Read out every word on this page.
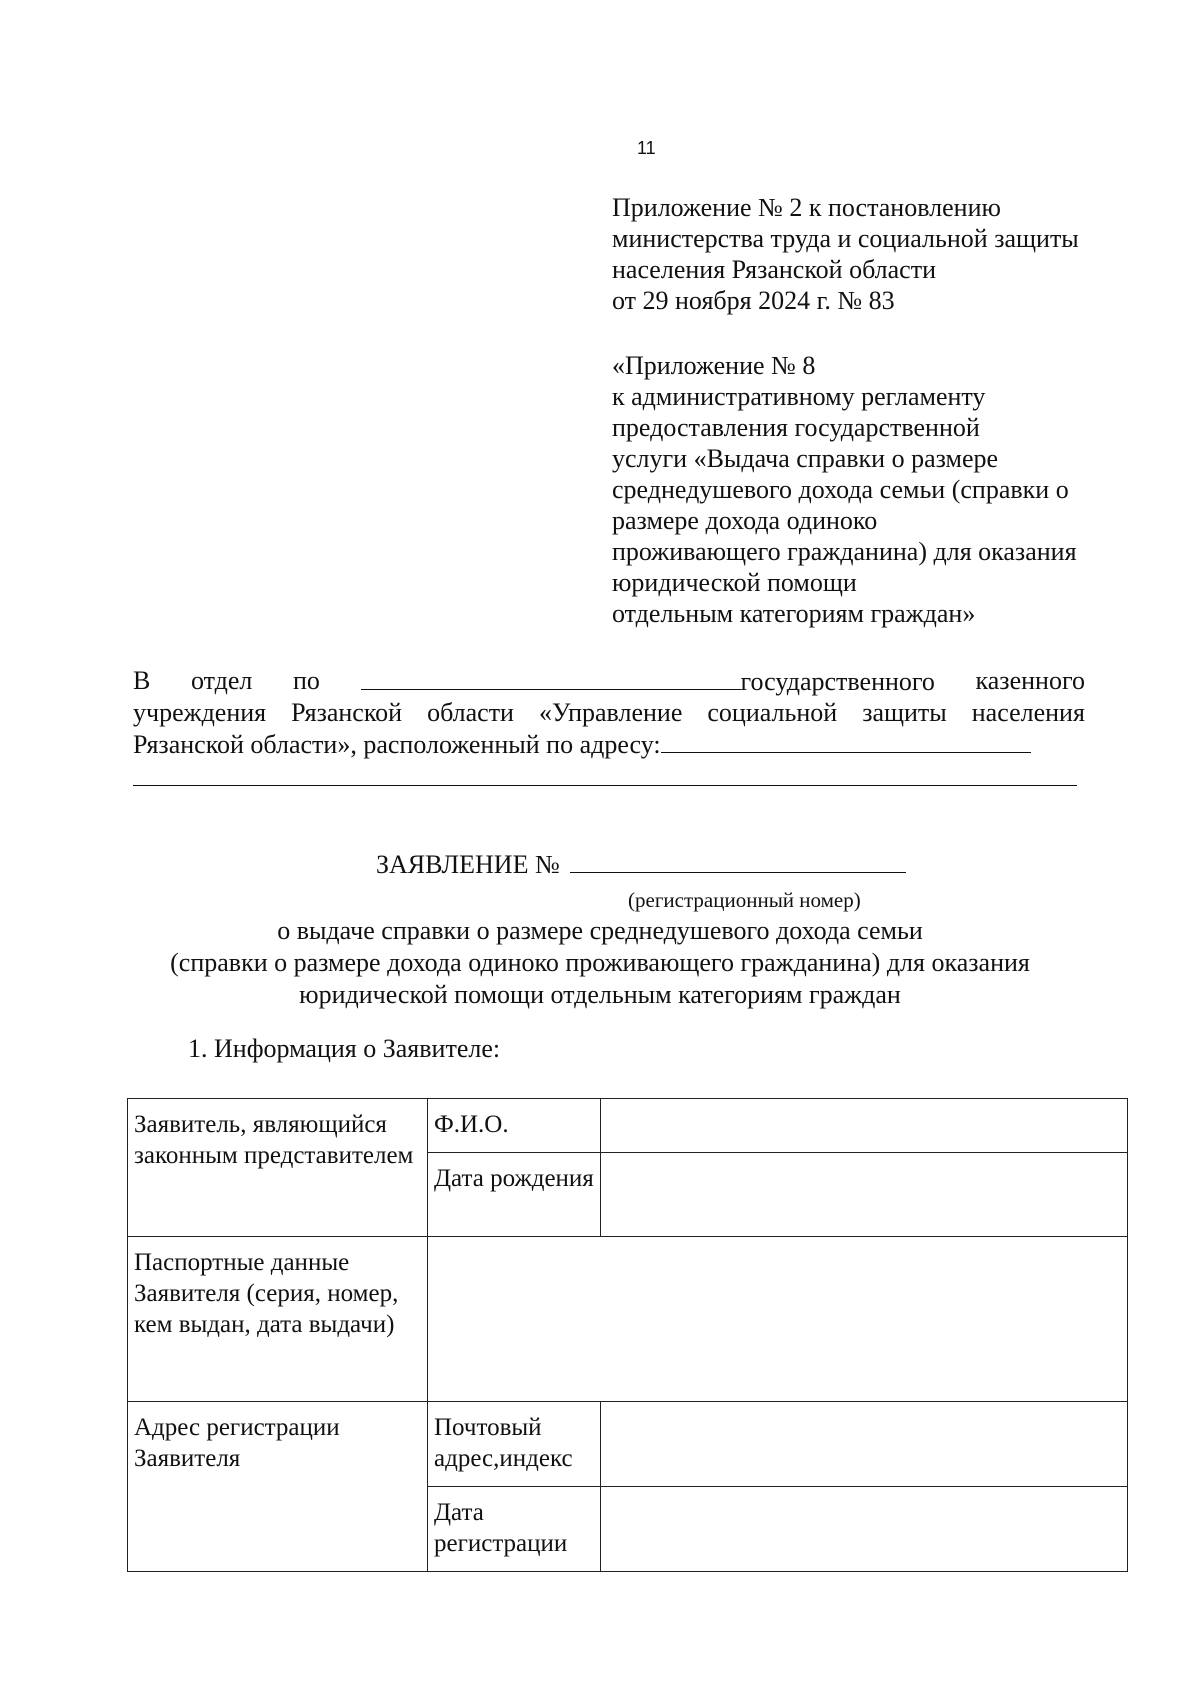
11
Приложение № 2 к постановлению
министерства труда и социальной защиты
населения Рязанской области
от 29 ноября 2024 г. № 83
«Приложение № 8
к административному регламенту
предоставления государственной
услуги «Выдача справки о размере
среднедушевого дохода семьи (справки о
размере дохода одиноко
проживающего гражданина) для оказания
юридической помощи
отдельным категориям граждан»
В отдел по	государственного казенного
учреждения Рязанской области «Управление социальной защиты населения
Рязанской области», расположенный по адресу:
ЗАЯВЛЕНИЕ №
(регистрационный номер)
о выдаче справки о размере среднедушевого дохода семьи
(справки о размере дохода одиноко проживающего гражданина) для оказания
юридической помощи отдельным категориям граждан
1. Информация о Заявителе:
Заявитель, являющийся законным представителем	Ф.И.О.	
	Дата рождения	
Паспортные данные Заявителя (серия, номер, кем выдан, дата выдачи)		
Адрес регистрации Заявителя	Почтовый адрес,индекс	
	Дата регистрации	
